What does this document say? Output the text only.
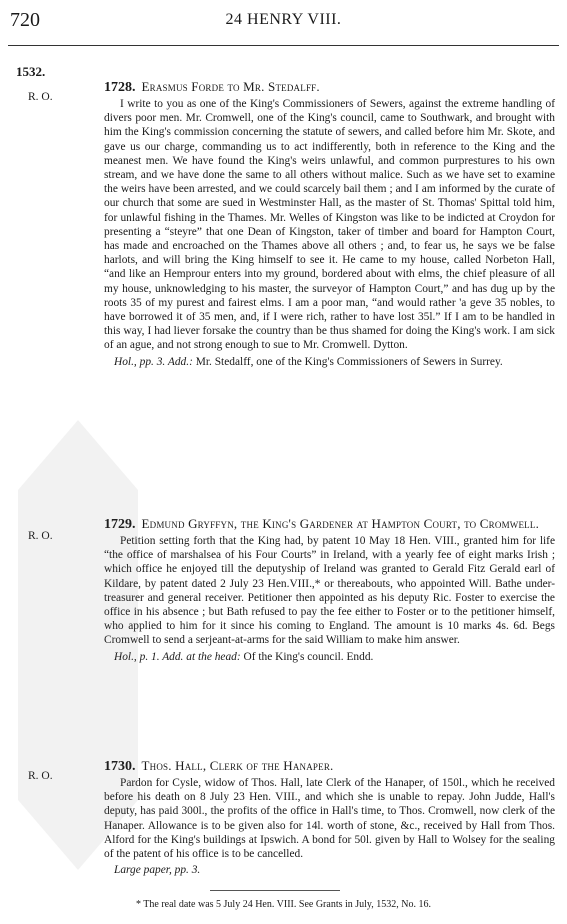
720	24 HENRY VIII.
1532.
R. O.

1728. Erasmus Forde to Mr. Stedalff.

I write to you as one of the King's Commissioners of Sewers, against the extreme handling of divers poor men. Mr. Cromwell, one of the King's council, came to Southwark, and brought with him the King's commission concerning the statute of sewers, and called before him Mr. Skote, and gave us our charge, commanding us to act indifferently, both in reference to the King and the meanest men. We have found the King's weirs unlawful, and common purprestures to his own stream, and we have done the same to all others without malice. Such as we have set to examine the weirs have been arrested, and we could scarcely bail them ; and I am informed by the curate of our church that some are sued in Westminster Hall, as the master of St. Thomas' Spittal told him, for unlawful fishing in the Thames. Mr. Welles of Kingston was like to be indicted at Croydon for presenting a “steyre” that one Dean of Kingston, taker of timber and board for Hampton Court, has made and encroached on the Thames above all others ; and, to fear us, he says we be false harlots, and will bring the King himself to see it. He came to my house, called Norbeton Hall, “and like an Hemprour enters into my ground, bordered about with elms, the chief pleasure of all my house, unknowledging to his master, the surveyor of Hampton Court,” and has dug up by the roots 35 of my purest and fairest elms. I am a poor man, “and would rather 'a geve 35 nobles, to have borrowed it of 35 men, and, if I were rich, rather to have lost 35l.” If I am to be handled in this way, I had liever forsake the country than be thus shamed for doing the King's work. I am sick of an ague, and not strong enough to sue to Mr. Cromwell. Dytton.

Hol., pp. 3. Add.: Mr. Stedalff, one of the King's Commissioners of Sewers in Surrey.

R. O.

1729. Edmund Gryffyn, the King's Gardener at Hampton Court, to Cromwell.

Petition setting forth that the King had, by patent 10 May 18 Hen. VIII., granted him for life “the office of marshalsea of his Four Courts” in Ireland, with a yearly fee of eight marks Irish ; which office he enjoyed till the deputyship of Ireland was granted to Gerald Fitz Gerald earl of Kildare, by patent dated 2 July 23 Hen.VIII.,* or thereabouts, who appointed Will. Bathe under-treasurer and general receiver. Petitioner then appointed as his deputy Ric. Foster to exercise the office in his absence ; but Bath refused to pay the fee either to Foster or to the petitioner himself, who applied to him for it since his coming to England. The amount is 10 marks 4s. 6d. Begs Cromwell to send a serjeant-at-arms for the said William to make him answer.

Hol., p. 1. Add. at the head: Of the King's council. Endd.

R. O.

1730. Thos. Hall, Clerk of the Hanaper.

Pardon for Cysle, widow of Thos. Hall, late Clerk of the Hanaper, of 150l., which he received before his death on 8 July 23 Hen. VIII., and which she is unable to repay. John Judde, Hall's deputy, has paid 300l., the profits of the office in Hall's time, to Thos. Cromwell, now clerk of the Hanaper. Allowance is to be given also for 14l. worth of stone, &c., received by Hall from Thos. Alford for the King's buildings at Ipswich. A bond for 50l. given by Hall to Wolsey for the sealing of the patent of his office is to be cancelled.

Large paper, pp. 3.

* The real date was 5 July 24 Hen. VIII. See Grants in July, 1532, No. 16.
